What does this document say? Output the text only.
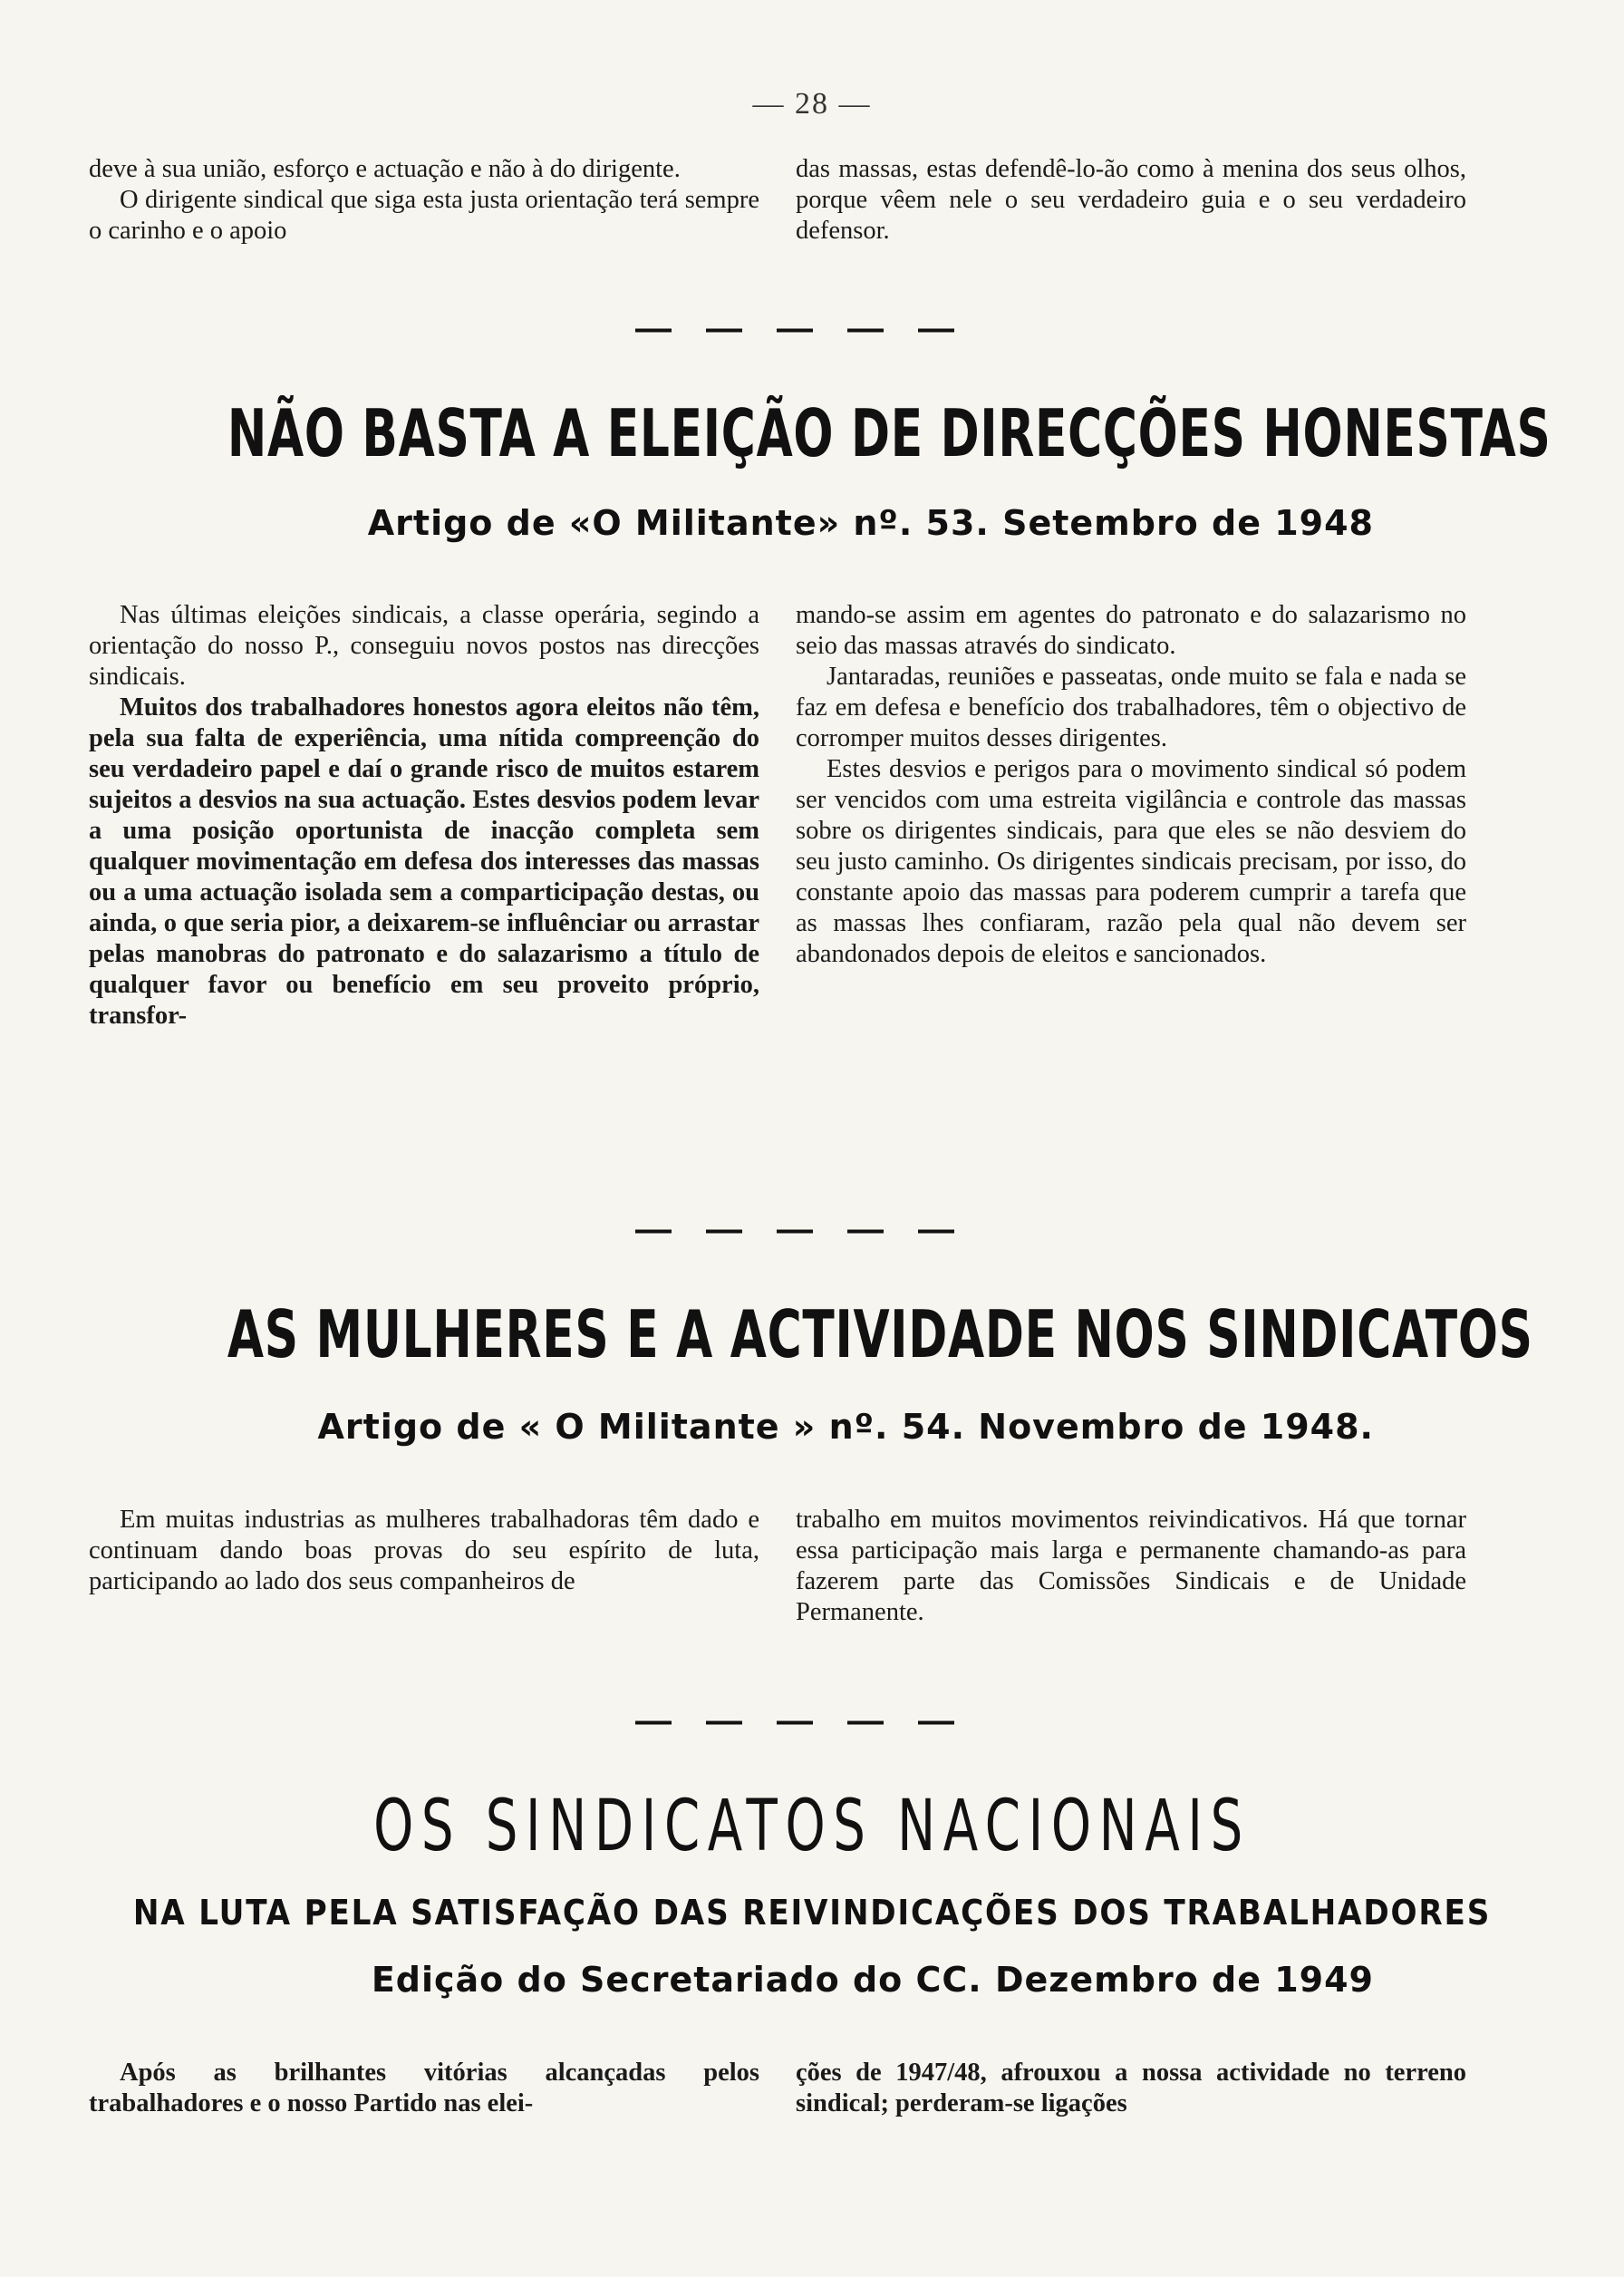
— 28 —

deve à sua união, esforço e actuação e não à do dirigente.

O dirigente sindical que siga esta justa orientação terá sempre o carinho e o apoio

das massas, estas defendê-lo-ão como à menina dos seus olhos, porque vêem nele o seu verdadeiro guia e o seu verdadeiro defensor.

—————
NÃO BASTA A ELEIÇÃO DE DIRECÇÕES HONESTAS
Artigo de «O Militante» nº. 53. Setembro de 1948

Nas últimas eleições sindicais, a classe operária, segindo a orientação do nosso P., conseguiu novos postos nas direcções sindicais.

Muitos dos trabalhadores honestos agora eleitos não têm, pela sua falta de experiência, uma nítida compreenção do seu verdadeiro papel e daí o grande risco de muitos estarem sujeitos a desvios na sua actuação. Estes desvios podem levar a uma posição oportunista de inacção completa sem qualquer movimentação em defesa dos interesses das massas ou a uma actuação isolada sem a comparticipação destas, ou ainda, o que seria pior, a deixarem-se influênciar ou arrastar pelas manobras do patronato e do salazarismo a título de qualquer favor ou benefício em seu proveito próprio, transfor-

mando-se assim em agentes do patronato e do salazarismo no seio das massas através do sindicato.

Jantaradas, reuniões e passeatas, onde muito se fala e nada se faz em defesa e benefício dos trabalhadores, têm o objectivo de corromper muitos desses dirigentes.

Estes desvios e perigos para o movimento sindical só podem ser vencidos com uma estreita vigilância e controle das massas sobre os dirigentes sindicais, para que eles se não desviem do seu justo caminho. Os dirigentes sindicais precisam, por isso, do constante apoio das massas para poderem cumprir a tarefa que as massas lhes confiaram, razão pela qual não devem ser abandonados depois de eleitos e sancionados.

—————
AS MULHERES E A ACTIVIDADE NOS SINDICATOS
Artigo de « O Militante » nº. 54. Novembro de 1948.

Em muitas industrias as mulheres trabalhadoras têm dado e continuam dando boas provas do seu espírito de luta, participando ao lado dos seus companheiros de

trabalho em muitos movimentos reivindicativos. Há que tornar essa participação mais larga e permanente chamando-as para fazerem parte das Comissões Sindicais e de Unidade Permanente.

—————
OS SINDICATOS NACIONAIS
NA LUTA PELA SATISFAÇÃO DAS REIVINDICAÇÕES DOS TRABALHADORES
Edição do Secretariado do CC. Dezembro de 1949

Após as brilhantes vitórias alcançadas pelos trabalhadores e o nosso Partido nas elei-

ções de 1947/48, afrouxou a nossa actividade no terreno sindical; perderam-se ligações
